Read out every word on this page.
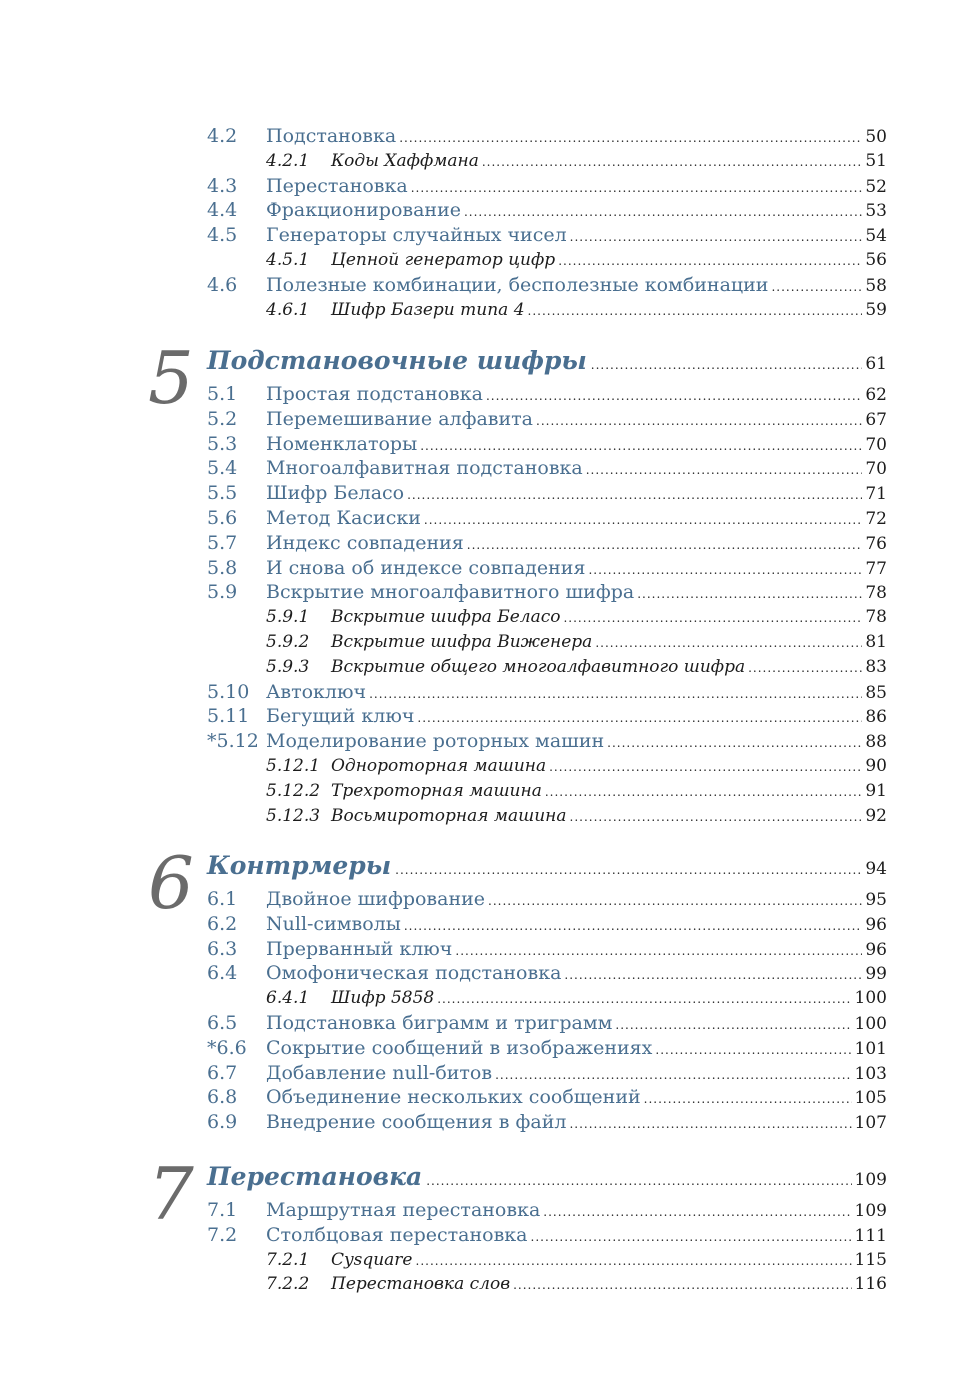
4.2	Подстановка .....	50
4.2.1	Коды Хаффмана .....	51
4.3	Перестановка .....	52
4.4	Фракционирование .....	53
4.5	Генераторы случайных чисел .....	54
4.5.1	Цепной генератор цифр .....	56
4.6	Полезные комбинации, бесполезные комбинации .....	58
4.6.1	Шифр Базери типа 4 .....	59
5 Подстановочные шифры .....	61
5.1	Простая подстановка .....	62
5.2	Перемешивание алфавита .....	67
5.3	Номенклаторы .....	70
5.4	Многоалфавитная подстановка .....	70
5.5	Шифр Беласо .....	71
5.6	Метод Касиски .....	72
5.7	Индекс совпадения .....	76
5.8	И снова об индексе совпадения .....	77
5.9	Вскрытие многоалфавитного шифра .....	78
5.9.1	Вскрытие шифра Беласо .....	78
5.9.2	Вскрытие шифра Виженера .....	81
5.9.3	Вскрытие общего многоалфавитного шифра .....	83
5.10 Автоключ .....	85
5.11 Бегущий ключ .....	86
*5.12 Моделирование роторных машин .....	88
5.12.1 Однороторная машина .....	90
5.12.2 Трехроторная машина .....	91
5.12.3 Восьмироторная машина .....	92
6 Контрмеры .....	94
6.1	Двойное шифрование .....	95
6.2	Null-символы .....	96
6.3	Прерванный ключ .....	96
6.4	Омофоническая подстановка .....	99
6.4.1	Шифр 5858 .....	100
6.5	Подстановка биграмм и триграмм .....	100
*6.6	Сокрытие сообщений в изображениях .....	101
6.7	Добавление null-битов .....	103
6.8	Объединение нескольких сообщений .....	105
6.9	Внедрение сообщения в файл .....	107
7 Перестановка .....	109
7.1	Маршрутная перестановка .....	109
7.2	Столбцовая перестановка .....	111
7.2.1	Cysquare .....	115
7.2.2	Перестановка слов .....	116
